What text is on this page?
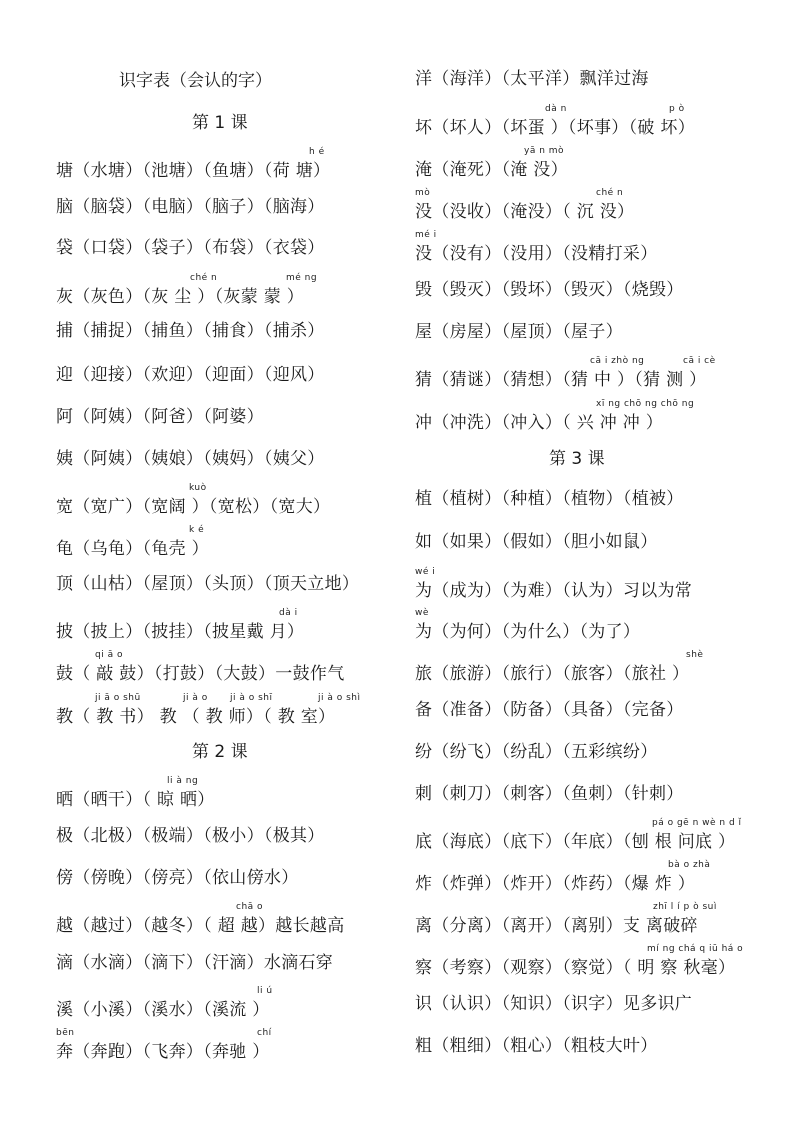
识字表（会认的字）
第 1 课
h é
塘（水塘）（池塘）（鱼塘）（荷 塘）
脑（脑袋）（电脑）（脑子）（脑海）
袋（口袋）（袋子）（布袋）（衣袋）
ché n	mé ng
灰（灰色）（灰 尘 ）（灰蒙 蒙 ）
捕（捕捉）（捕鱼）（捕食）（捕杀）
迎（迎接）（欢迎）（迎面）（迎风）
阿（阿姨）（阿爸）（阿婆）
姨（阿姨）（姨娘）（姨妈）（姨父）
kuò
宽（宽广）（宽阔 ）（宽松）（宽大）
k é
龟（乌龟）（龟壳 ）
顶（山枯）（屋顶）（头顶）（顶天立地）
dà i
披（披上）（披挂）（披星戴 月）
qi ā o
鼓（ 敲 鼓）（打鼓）（大鼓）一鼓作气
ji ā o shū	ji à o ji à o shī	ji à o shì
教（ 教 书） 教 （ 教 师）（ 教 室）
第 2 课
li à ng
晒（晒干）（ 晾 晒）
极（北极）（极端）（极小）（极其）
傍（傍晚）（傍亮）（依山傍水）
chā o
越（越过）（越冬）（ 超 越）越长越高
滴（水滴）（滴下）（汗滴）水滴石穿
li ú
溪（小溪）（溪水）（溪流 ）
bēn	chí
奔（奔跑）（飞奔）（奔驰 ）
洋（海洋）（太平洋）飘洋过海
dà n	p ò
坏（坏人）（坏蛋 ）（坏事）（破 坏）
yā n mò
淹（淹死）（淹 没）
mò	ché n
没（没收）（淹没）（ 沉 没）
mé i
没（没有）（没用）（没精打采）
毁（毁灭）（毁坏）（毁灭）（烧毁）
屋（房屋）（屋顶）（屋子）
cā i zhò ng	cā i cè
猜（猜谜）（猜想）（猜 中 ）（猜 测 ）
xī ng chō ng chō ng
冲（冲洗）（冲入）（ 兴 冲 冲 ）
第 3 课
植（植树）（种植）（植物）（植被）
如（如果）（假如）（胆小如鼠）
wé i
为（成为）（为难）（认为）习以为常
wè
为（为何）（为什么）（为了）
shè
旅（旅游）（旅行）（旅客）（旅社 ）
备（准备）（防备）（具备）（完备）
纷（纷飞）（纷乱）（五彩缤纷）
刺（刺刀）（刺客）（鱼刺）（针刺）
pá o gē n wè n d ǐ
底（海底）（底下）（年底）（刨 根 问底 ）
bà o zhà
炸（炸弹）（炸开）（炸药）（爆 炸 ）
zhī l í p ò suì
离（分离）（离开）（离别）支 离破碎
mí ng chá q iū há o
察（考察）（观察）（察觉）（ 明 察 秋毫）
识（认识）（知识）（识字）见多识广
粗（粗细）（粗心）（粗枝大叶）
